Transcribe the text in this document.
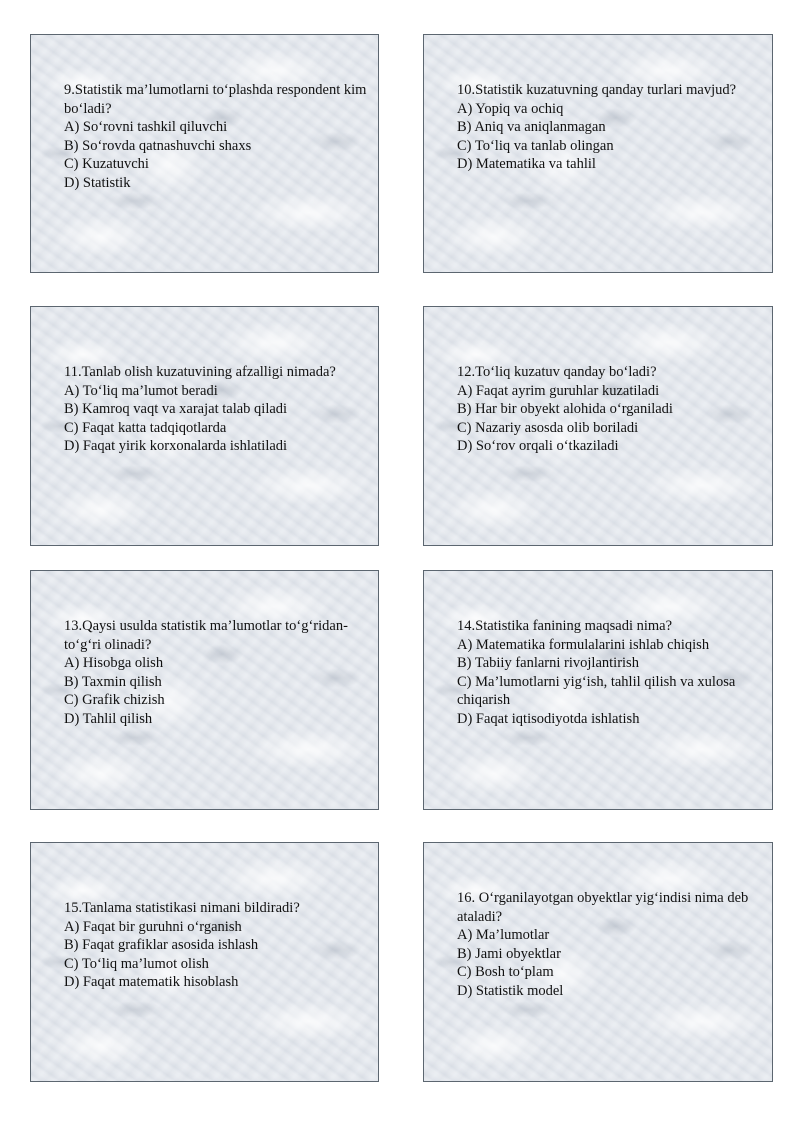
9.Statistik ma’lumotlarni to‘plashda respondent kim bo‘ladi?
A) So‘rovni tashkil qiluvchi
B) So‘rovda qatnashuvchi shaxs
C) Kuzatuvchi
D) Statistik
10.Statistik kuzatuvning qanday turlari mavjud?
A) Yopiq va ochiq
B) Aniq va aniqlanmagan
C) To‘liq va tanlab olingan
D) Matematika va tahlil
11.Tanlab olish kuzatuvining afzalligi nimada?
A) To‘liq ma’lumot beradi
B) Kamroq vaqt va xarajat talab qiladi
C) Faqat katta tadqiqotlarda
D) Faqat yirik korxonalarda ishlatiladi
12.To‘liq kuzatuv qanday bo‘ladi?
A) Faqat ayrim guruhlar kuzatiladi
B) Har bir obyekt alohida o‘rganiladi
C) Nazariy asosda olib boriladi
D) So‘rov orqali o‘tkaziladi
13.Qaysi usulda statistik ma’lumotlar to‘g‘ridan-to‘g‘ri olinadi?
A) Hisobga olish
B) Taxmin qilish
C) Grafik chizish
D) Tahlil qilish
14.Statistika fanining maqsadi nima?
A) Matematika formulalarini ishlab chiqish
B) Tabiiy fanlarni rivojlantirish
C) Ma’lumotlarni yig‘ish, tahlil qilish va xulosa chiqarish
D) Faqat iqtisodiyotda ishlatish
15.Tanlama statistikasi nimani bildiradi?
A) Faqat bir guruhni o‘rganish
B) Faqat grafiklar asosida ishlash
C) To‘liq ma’lumot olish
D) Faqat matematik hisoblash
16. O‘rganilayotgan obyektlar yig‘indisi nima deb ataladi?
A) Ma’lumotlar
B) Jami obyektlar
C) Bosh to‘plam
D) Statistik model
